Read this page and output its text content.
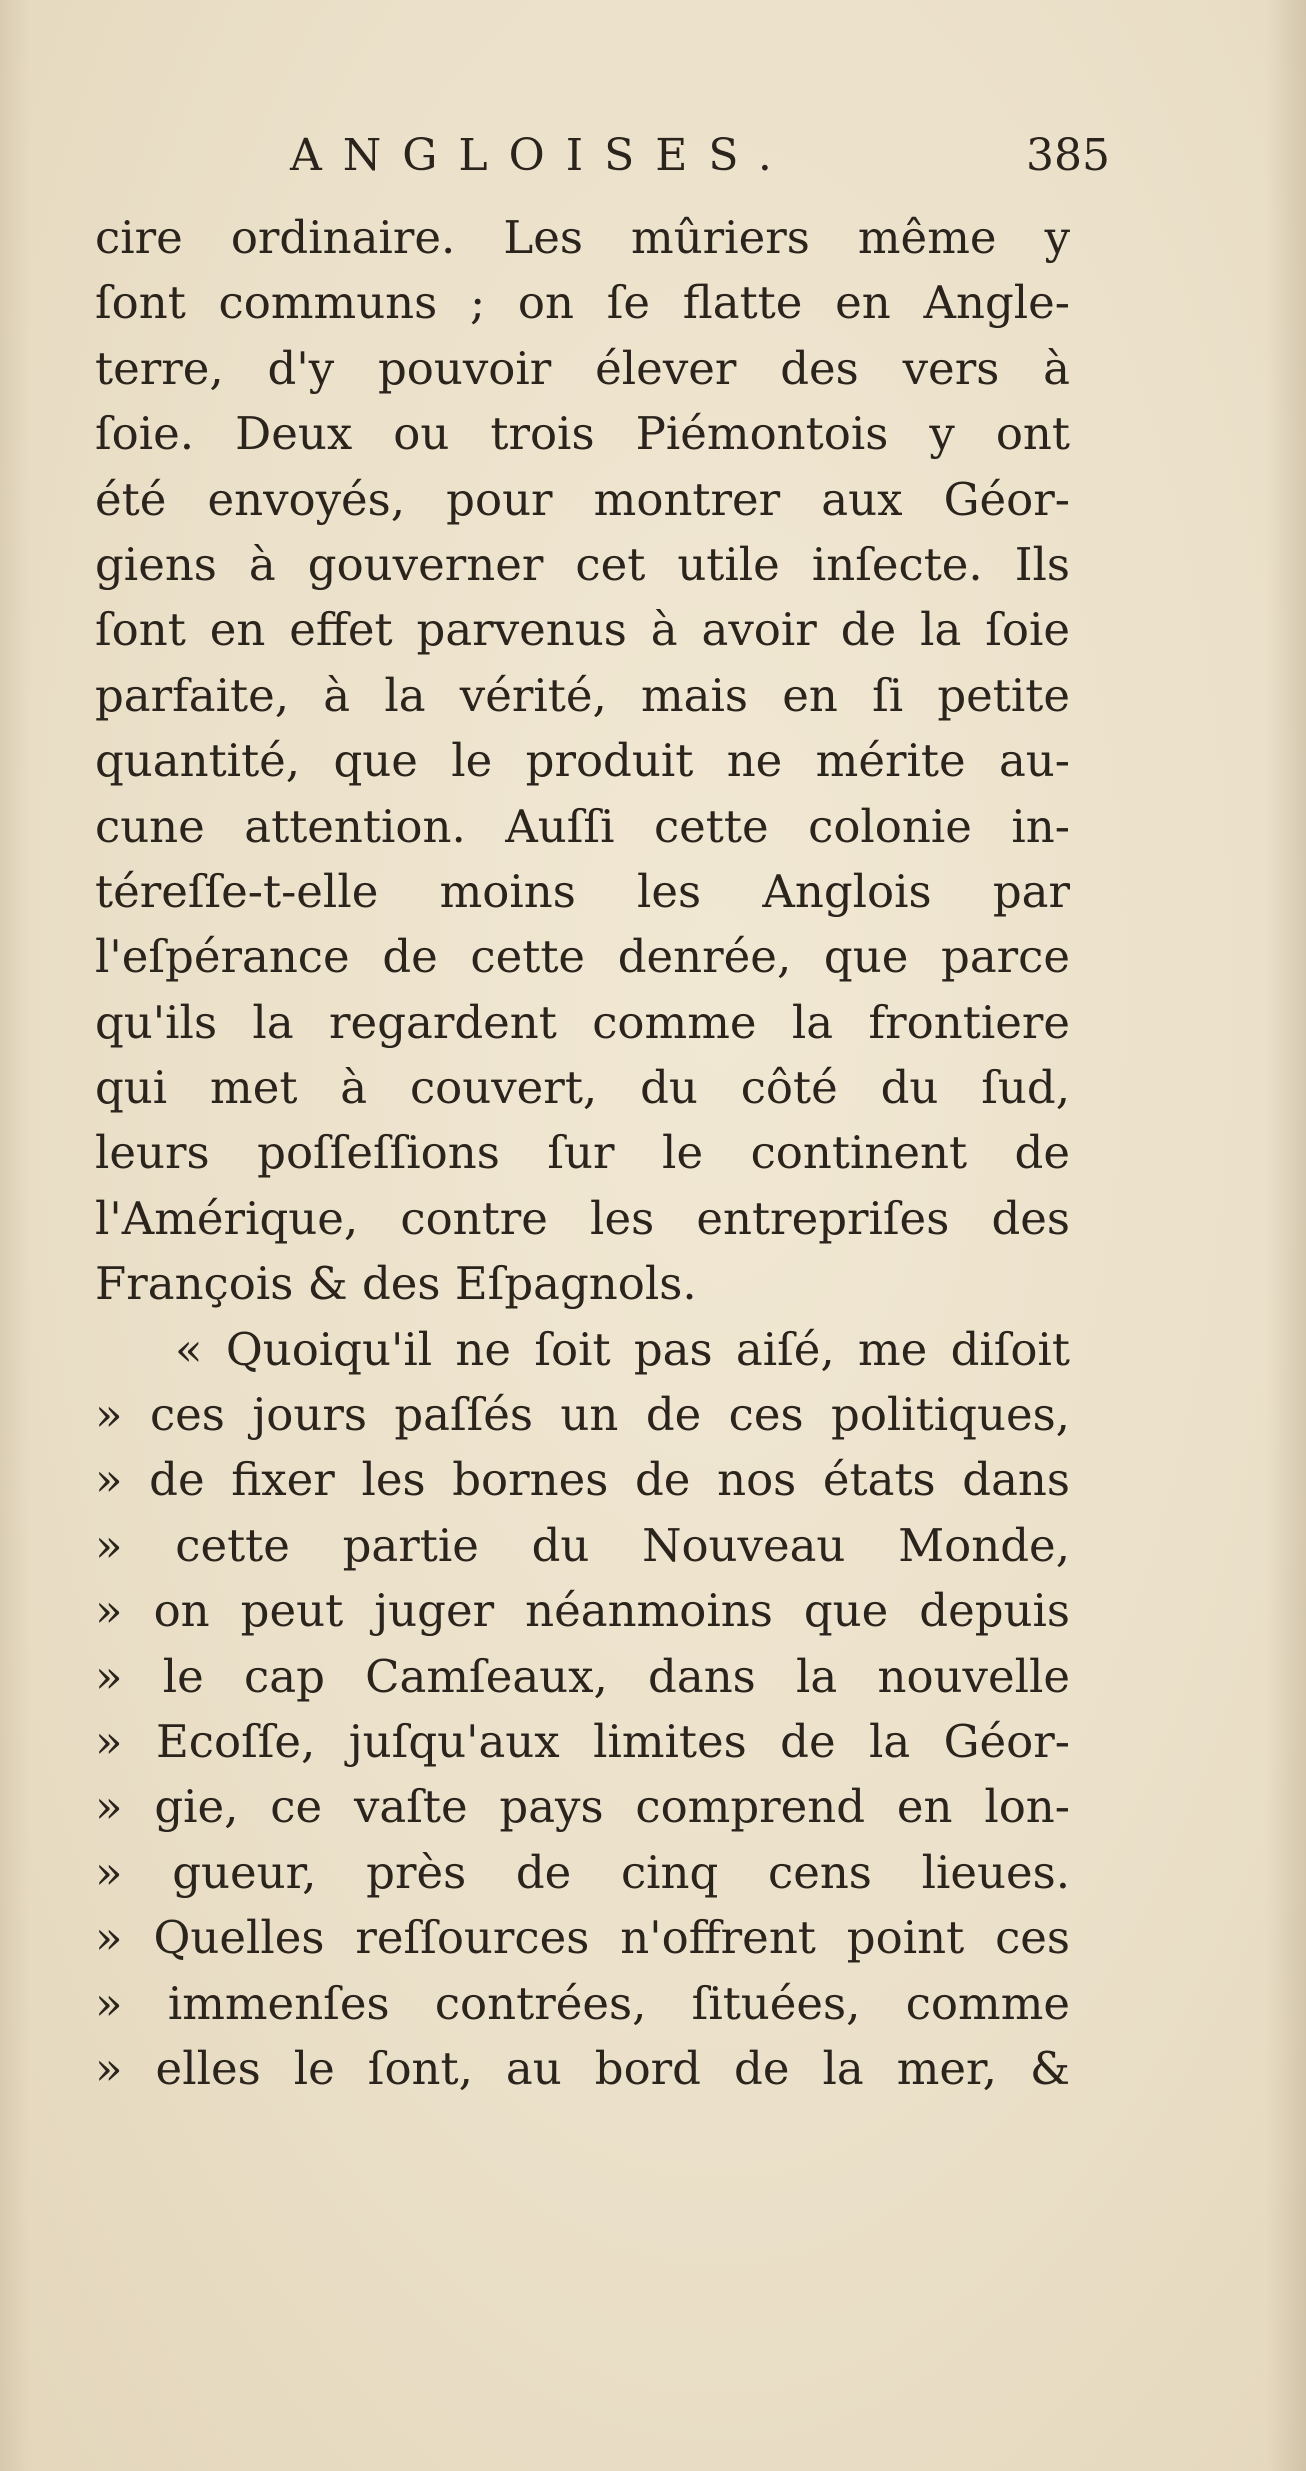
ANGLOISES.	385
cire ordinaire. Les mûriers même y
ſont communs ; on ſe flatte en Angle-
terre, d'y pouvoir élever des vers à
ſoie. Deux ou trois Piémontois y ont
été envoyés, pour montrer aux Géor-
giens à gouverner cet utile inſecte. Ils
ſont en effet parvenus à avoir de la ſoie
parfaite, à la vérité, mais en ſi petite
quantité, que le produit ne mérite au-
cune attention. Auſſi cette colonie in-
téreſſe-t-elle moins les Anglois par
l'eſpérance de cette denrée, que parce
qu'ils la regardent comme la frontiere
qui met à couvert, du côté du ſud,
leurs poſſeſſions ſur le continent de
l'Amérique, contre les entrepriſes des
François & des Eſpagnols.
« Quoiqu'il ne ſoit pas aiſé, me diſoit
» ces jours paſſés un de ces politiques,
» de fixer les bornes de nos états dans
» cette partie du Nouveau Monde,
» on peut juger néanmoins que depuis
» le cap Camſeaux, dans la nouvelle
» Ecoſſe, juſqu'aux limites de la Géor-
» gie, ce vaſte pays comprend en lon-
» gueur, près de cinq cens lieues.
» Quelles reſſources n'offrent point ces
» immenſes contrées, ſituées, comme
» elles le ſont, au bord de la mer, &
